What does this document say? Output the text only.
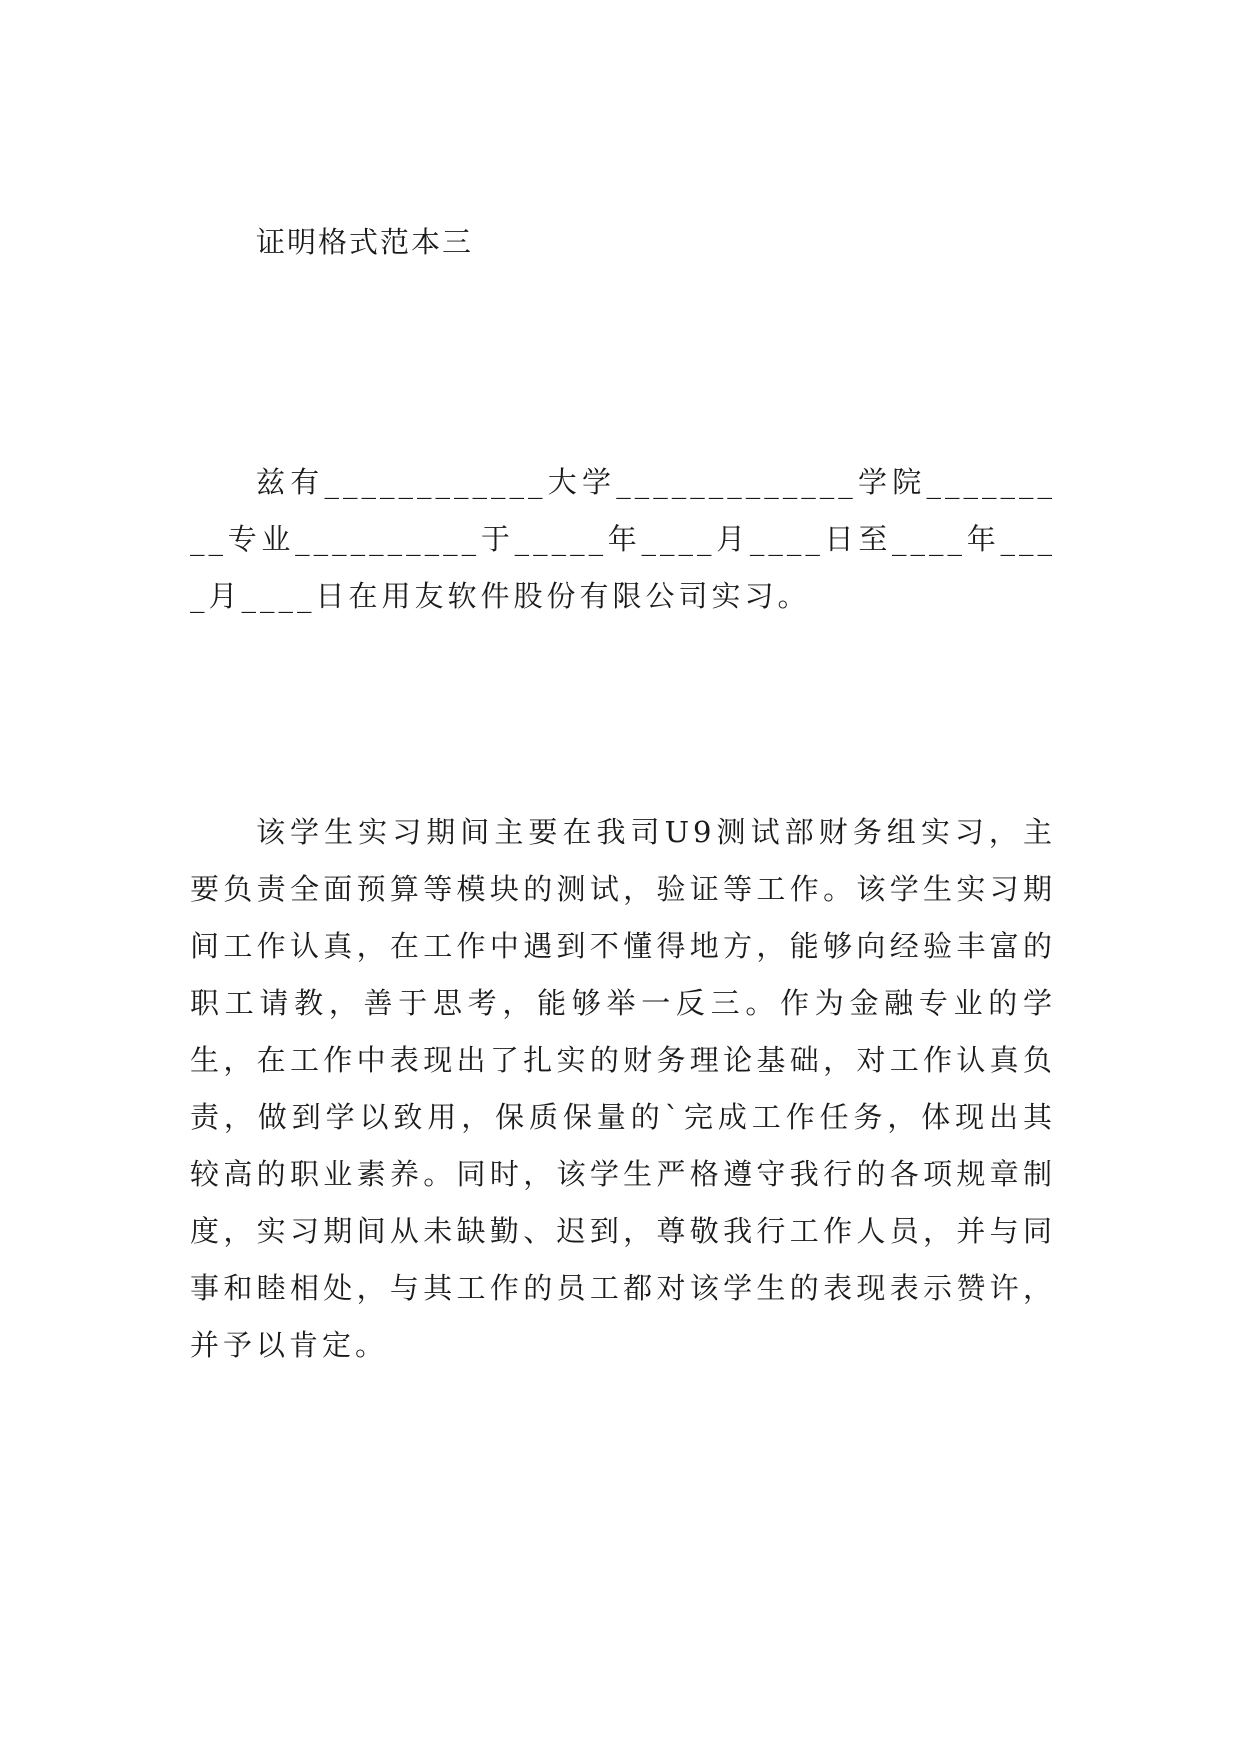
证明格式范本三

兹有____________大学_____________学院_________专业__________于_____年____月____日至____年____月____日在用友软件股份有限公司实习。

该学生实习期间主要在我司U9测试部财务组实习，主要负责全面预算等模块的测试，验证等工作。该学生实习期间工作认真，在工作中遇到不懂得地方，能够向经验丰富的职工请教，善于思考，能够举一反三。作为金融专业的学生，在工作中表现出了扎实的财务理论基础，对工作认真负责，做到学以致用，保质保量的`完成工作任务，体现出其较高的职业素养。同时，该学生严格遵守我行的各项规章制度，实习期间从未缺勤、迟到，尊敬我行工作人员，并与同事和睦相处，与其工作的员工都对该学生的表现表示赞许，并予以肯定。
